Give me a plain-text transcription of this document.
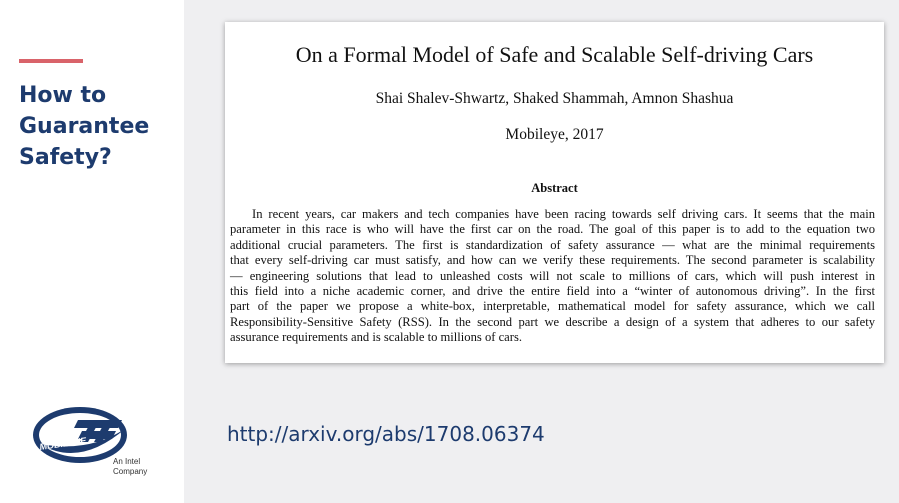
How to
Guarantee
Safety?
MOBILEYE
An Intel
Company
On a Formal Model of Safe and Scalable Self-driving Cars
Shai Shalev-Shwartz, Shaked Shammah, Amnon Shashua
Mobileye, 2017
Abstract
In recent years, car makers and tech companies have been racing towards self driving cars. It seems that the main
parameter in this race is who will have the first car on the road. The goal of this paper is to add to the equation two
additional crucial parameters. The first is standardization of safety assurance — what are the minimal requirements
that every self-driving car must satisfy, and how can we verify these requirements. The second parameter is scalability
— engineering solutions that lead to unleashed costs will not scale to millions of cars, which will push interest in
this field into a niche academic corner, and drive the entire field into a “winter of autonomous driving”. In the first
part of the paper we propose a white-box, interpretable, mathematical model for safety assurance, which we call
Responsibility-Sensitive Safety (RSS). In the second part we describe a design of a system that adheres to our safety
assurance requirements and is scalable to millions of cars.
http://arxiv.org/abs/1708.06374
